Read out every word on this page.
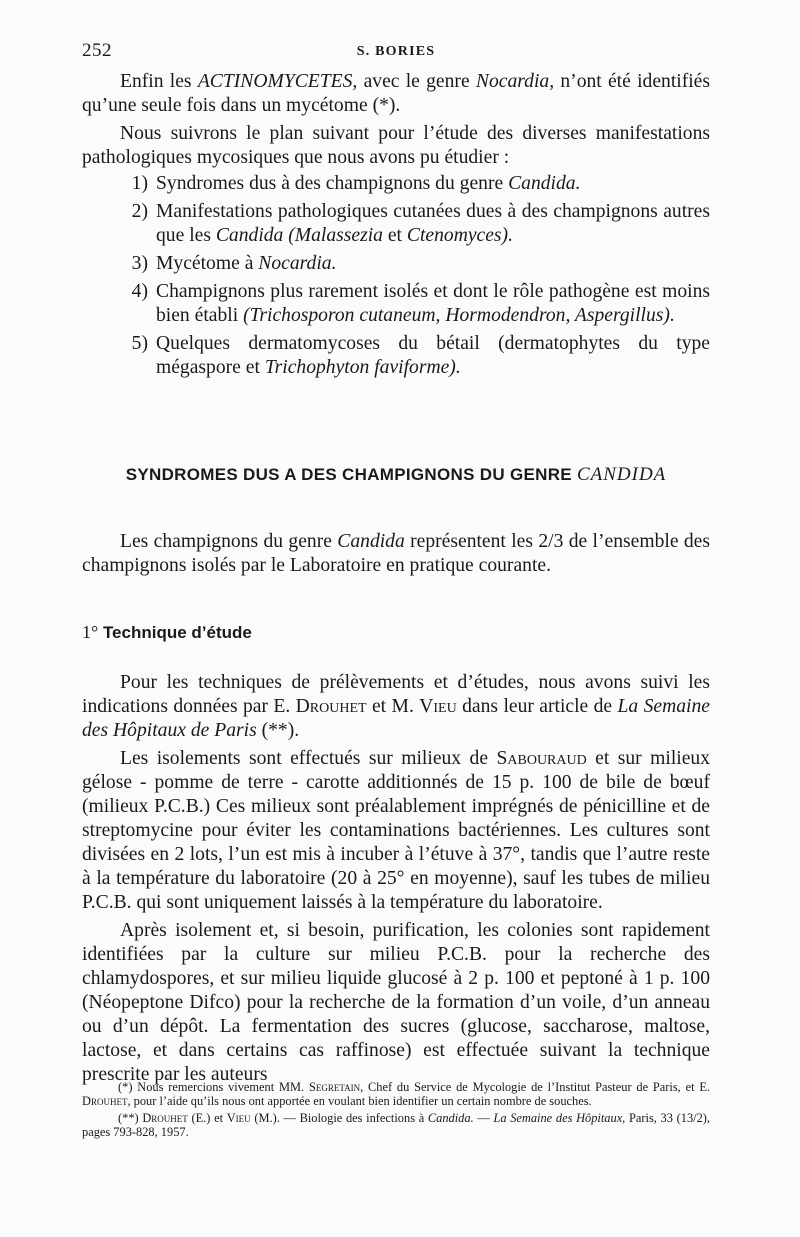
252	S. BORIES

Enfin les ACTINOMYCETES, avec le genre Nocardia, n’ont été identifiés qu’une seule fois dans un mycétome (*).

Nous suivrons le plan suivant pour l’étude des diverses manifestations pathologiques mycosiques que nous avons pu étudier :

1) Syndromes dus à des champignons du genre Candida.
2) Manifestations pathologiques cutanées dues à des champignons autres que les Candida (Malassezia et Ctenomyces).
3) Mycétome à Nocardia.
4) Champignons plus rarement isolés et dont le rôle pathogène est moins bien établi (Trichosporon cutaneum, Hormodendron, Aspergillus).
5) Quelques dermatomycoses du bétail (dermatophytes du type mégaspore et Trichophyton faviforme).
SYNDROMES DUS A DES CHAMPIGNONS DU GENRE CANDIDA

Les champignons du genre Candida représentent les 2/3 de l’ensemble des champignons isolés par le Laboratoire en pratique courante.

1° Technique d’étude

Pour les techniques de prélèvements et d’études, nous avons suivi les indications données par E. Drouhet et M. Vieu dans leur article de La Semaine des Hôpitaux de Paris (**).

Les isolements sont effectués sur milieux de Sabouraud et sur milieux gélose - pomme de terre - carotte additionnés de 15 p. 100 de bile de bœuf (milieux P.C.B.) Ces milieux sont préalablement imprégnés de pénicilline et de streptomycine pour éviter les contaminations bactériennes. Les cultures sont divisées en 2 lots, l’un est mis à incuber à l’étuve à 37°, tandis que l’autre reste à la température du laboratoire (20 à 25° en moyenne), sauf les tubes de milieu P.C.B. qui sont uniquement laissés à la température du laboratoire.

Après isolement et, si besoin, purification, les colonies sont rapidement identifiées par la culture sur milieu P.C.B. pour la recherche des chlamydospores, et sur milieu liquide glucosé à 2 p. 100 et peptoné à 1 p. 100 (Néopeptone Difco) pour la recherche de la formation d’un voile, d’un anneau ou d’un dépôt. La fermentation des sucres (glucose, saccharose, maltose, lactose, et dans certains cas raffinose) est effectuée suivant la technique prescrite par les auteurs

(*) Nous remercions vivement MM. Segretain, Chef du Service de Mycologie de l’Institut Pasteur de Paris, et E. Drouhet, pour l’aide qu’ils nous ont apportée en voulant bien identifier un certain nombre de souches.

(**) Drouhet (E.) et Vieu (M.). — Biologie des infections à Candida. — La Semaine des Hôpitaux, Paris, 33 (13/2), pages 793-828, 1957.
